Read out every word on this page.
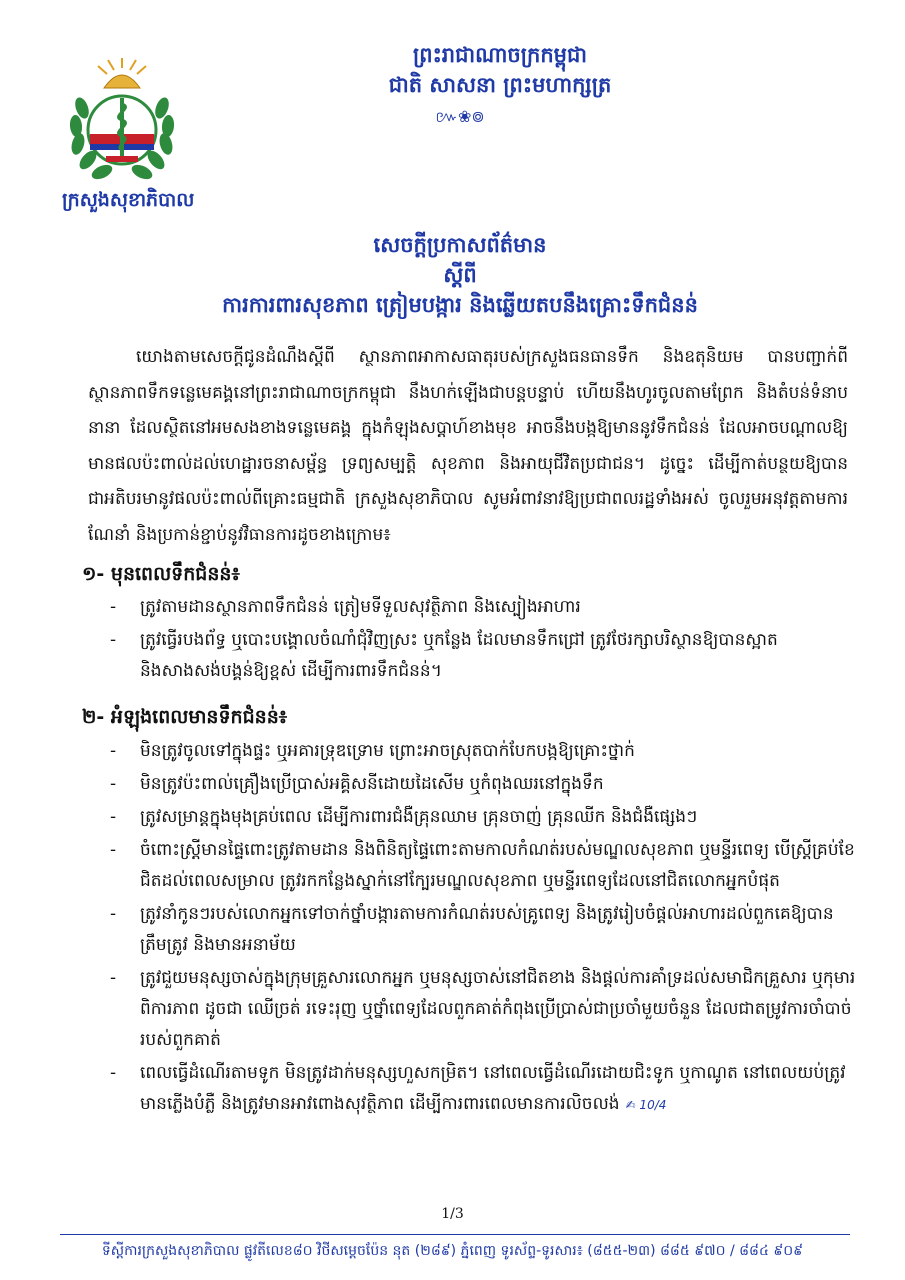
ក្រសួងសុខាភិបាល
ព្រះរាជាណាចក្រកម្ពុជា
ជាតិ សាសនា ព្រះមហាក្សត្រ
៚❀៙
សេចក្តីប្រកាសព័ត៌មាន
ស្តីពី
ការការពារសុខភាព ត្រៀមបង្ការ និងឆ្លើយតបនឹងគ្រោះទឹកជំនន់
យោងតាមសេចក្តីជូនដំណឹងស្តីពី ស្ថានភាពអាកាសធាតុរបស់ក្រសួងធនធានទឹក និងឧតុនិយម បានបញ្ជាក់ពីស្ថានភាពទឹកទន្លេមេគង្គនៅព្រះរាជាណាចក្រកម្ពុជា នឹងហក់ឡើងជាបន្តបន្ទាប់ ហើយនឹងហូរចូលតាមព្រែក និងតំបន់ទំនាបនានា ដែលស្ថិតនៅអមសងខាងទន្លេមេគង្គ ក្នុងកំឡុងសប្តាហ៍ខាងមុខ អាចនឹងបង្កឱ្យមាននូវទឹកជំនន់ ដែលអាចបណ្តាលឱ្យមានផលប៉ះពាល់ដល់ហេដ្ឋារចនាសម្ព័ន្ធ ទ្រព្យសម្បត្តិ សុខភាព និងអាយុជីវិតប្រជាជន។ ដូច្នេះ ដើម្បីកាត់បន្ថយឱ្យបានជាអតិបរមានូវផលប៉ះពាល់ពីគ្រោះធម្មជាតិ ក្រសួងសុខាភិបាល សូមអំពាវនាវឱ្យប្រជាពលរដ្ឋទាំងអស់ ចូលរួមអនុវត្តតាមការណែនាំ និងប្រកាន់ខ្ជាប់នូវវិធានការដូចខាងក្រោម៖
១- មុនពេលទឹកជំនន់៖
- ត្រូវតាមដានស្ថានភាពទឹកជំនន់ ត្រៀមទីទួលសុវត្ថិភាព និងស្បៀងអាហារ
- ត្រូវធ្វើរបងព័ទ្ធ ឬបោះបង្គោលចំណាំជុំវិញស្រះ ឬកន្លែង ដែលមានទឹកជ្រៅ ត្រូវថែរក្សាបរិស្ថានឱ្យបានស្អាត និងសាងសង់បង្គន់ឱ្យខ្ពស់ ដើម្បីការពារទឹកជំនន់។
២- អំឡុងពេលមានទឹកជំនន់៖
- មិនត្រូវចូលទៅក្នុងផ្ទះ ឬអគារទ្រុឌទ្រោម ព្រោះអាចស្រុតបាក់បែកបង្កឱ្យគ្រោះថ្នាក់
- មិនត្រូវប៉ះពាល់គ្រឿងប្រើប្រាស់អគ្គិសនីដោយដៃសើម ឬកំពុងឈរនៅក្នុងទឹក
- ត្រូវសម្រាន្តក្នុងមុងគ្រប់ពេល ដើម្បីការពារជំងឺគ្រុនឈាម គ្រុនចាញ់ គ្រុនឈីក និងជំងឺផ្សេងៗ
- ចំពោះស្ត្រីមានផ្ទៃពោះត្រូវតាមដាន និងពិនិត្យផ្ទៃពោះតាមកាលកំណត់របស់មណ្ឌលសុខភាព ឬមន្ទីរពេទ្យ បើស្ត្រីគ្រប់ខែជិតដល់ពេលសម្រាល ត្រូវរកកន្លែងស្នាក់នៅក្បែរមណ្ឌលសុខភាព ឬមន្ទីរពេទ្យដែលនៅជិតលោកអ្នកបំផុត
- ត្រូវនាំកូនៗរបស់លោកអ្នកទៅចាក់ថ្នាំបង្ការតាមការកំណត់របស់គ្រូពេទ្យ និងត្រូវរៀបចំផ្តល់អាហារដល់ពួកគេឱ្យបានត្រឹមត្រូវ និងមានអនាម័យ
- ត្រូវជួយមនុស្សចាស់ក្នុងក្រុមគ្រួសារលោកអ្នក ឬមនុស្សចាស់នៅជិតខាង និងផ្តល់ការគាំទ្រដល់សមាជិកគ្រួសារ ឬកុមារពិការភាព ដូចជា ឈើច្រត់ រទេះរុញ ឬថ្នាំពេទ្យដែលពួកគាត់កំពុងប្រើប្រាស់ជាប្រចាំមួយចំនួន ដែលជាតម្រូវការចាំបាច់របស់ពួកគាត់
- ពេលធ្វើដំណើរតាមទូក មិនត្រូវដាក់មនុស្សហួសកម្រិត។ នៅពេលធ្វើដំណើរដោយជិះទូក ឬកាណូត នៅពេលយប់ត្រូវមានភ្លើងបំភ្លឺ និងត្រូវមានអាវពោងសុវត្ថិភាព ដើម្បីការពារពេលមានការលិចលង់ ✍ 10/4
1/3
ទីស្តីការក្រសួងសុខាភិបាល ផ្លូវតីលេខ៨០ វិថីសម្តេចប៉ែន នុត (២៨៩) ភ្នំពេញ ទូរស័ព្ទ-ទូរសារ៖ (៨៥៥-២៣) ៨៨៥ ៩៧០ / ៨៨៤ ៩០៩
